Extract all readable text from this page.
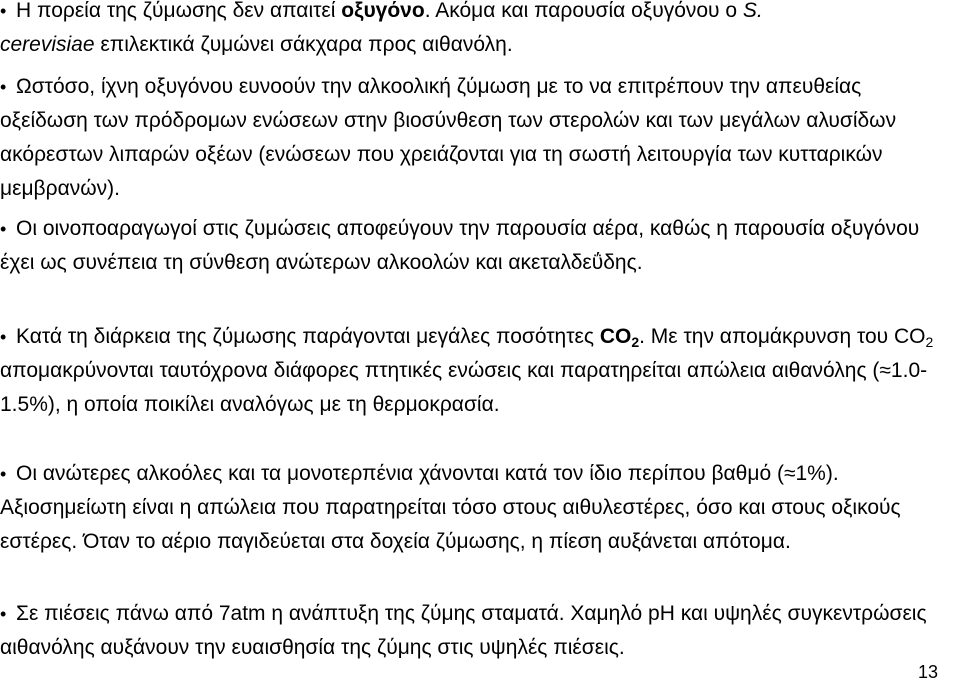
• Η πορεία της ζύμωσης δεν απαιτεί οξυγόνο. Ακόμα και παρουσία οξυγόνου ο S.
cerevisiae επιλεκτικά ζυμώνει σάκχαρα προς αιθανόλη.

• Ωστόσο, ίχνη οξυγόνου ευνοούν την αλκοολική ζύμωση με το να επιτρέπουν την απευθείας οξείδωση των πρόδρομων ενώσεων στην βιοσύνθεση των στερολών και των μεγάλων αλυσίδων ακόρεστων λιπαρών οξέων (ενώσεων που χρειάζονται για τη σωστή λειτουργία των κυτταρικών μεμβρανών).

• Οι οινοποαραγωγοί στις ζυμώσεις αποφεύγουν την παρουσία αέρα, καθώς η παρουσία οξυγόνου έχει ως συνέπεια τη σύνθεση ανώτερων αλκοολών και ακεταλδεΰδης.

• Κατά τη διάρκεια της ζύμωσης παράγονται μεγάλες ποσότητες $CO_2$. Με την απομάκρυνση του $CO_2$ απομακρύνονται ταυτόχρονα διάφορες πτητικές ενώσεις και παρατηρείται απώλεια αιθανόλης (≈1.0-1.5%), η οποία ποικίλει αναλόγως με τη θερμοκρασία.

• Οι ανώτερες αλκοόλες και τα μονοτερπένια χάνονται κατά τον ίδιο περίπου βαθμό (≈1%). Αξιοσημείωτη είναι η απώλεια που παρατηρείται τόσο στους αιθυλεστέρες, όσο και στους οξικούς εστέρες. Όταν το αέριο παγιδεύεται στα δοχεία ζύμωσης, η πίεση αυξάνεται απότομα.

• Σε πιέσεις πάνω από 7atm η ανάπτυξη της ζύμης σταματά. Χαμηλό pH και υψηλές συγκεντρώσεις αιθανόλης αυξάνουν την ευαισθησία της ζύμης στις υψηλές πιέσεις.

13
